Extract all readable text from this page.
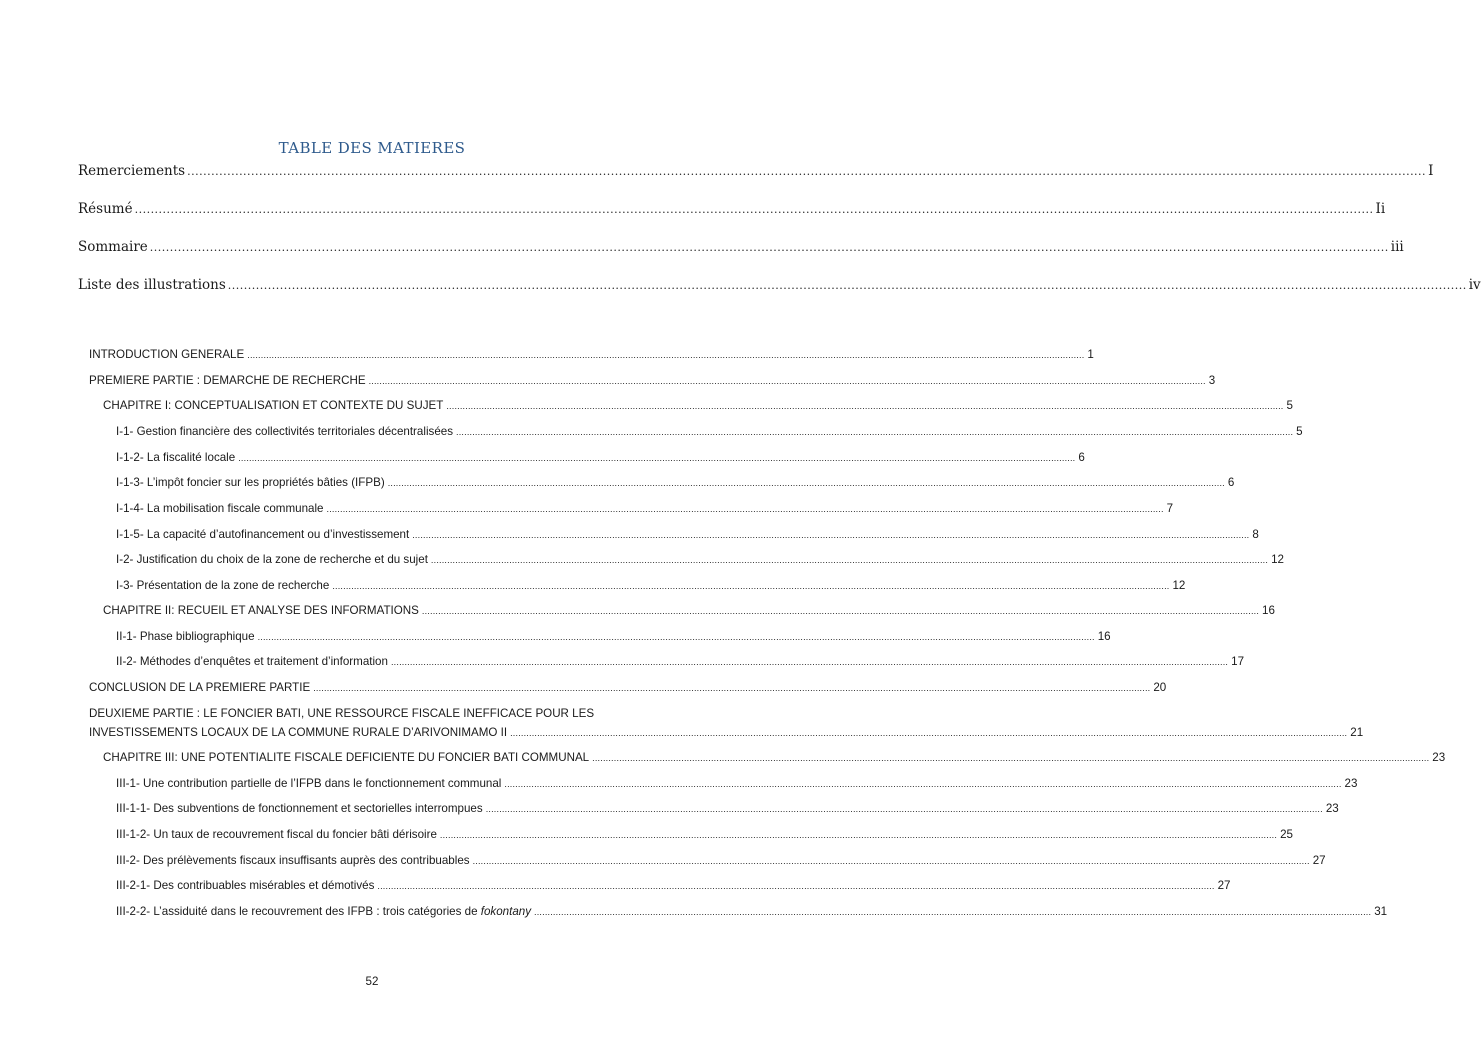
TABLE DES MATIERES
Remerciements ...................................................................................................................................................................................................................................................................................................................... I
Résumé ...................................................................................................................................................................................................................................................................................................................... Ii
Sommaire ...................................................................................................................................................................................................................................................................................................................... iii
Liste des illustrations ...................................................................................................................................................................................................................................................................................................................... iv
INTRODUCTION GENERALE ...................................................................................................................................................................................................................................................................................................................... 1
PREMIERE PARTIE : DEMARCHE DE RECHERCHE ...................................................................................................................................................................................................................................................................................................................... 3
CHAPITRE I: CONCEPTUALISATION ET CONTEXTE DU SUJET ...................................................................................................................................................................................................................................................................................................................... 5
I-1- Gestion financière des collectivités territoriales décentralisées ...................................................................................................................................................................................................................................................................................................................... 5
I-1-2- La fiscalité locale ...................................................................................................................................................................................................................................................................................................................... 6
I-1-3- L’impôt foncier sur les propriétés bâties (IFPB) ...................................................................................................................................................................................................................................................................................................................... 6
I-1-4- La mobilisation fiscale communale ...................................................................................................................................................................................................................................................................................................................... 7
I-1-5- La capacité d’autofinancement ou d’investissement ...................................................................................................................................................................................................................................................................................................................... 8
I-2- Justification du choix de la zone de recherche et du sujet ...................................................................................................................................................................................................................................................................................................................... 12
I-3- Présentation de la zone de recherche ...................................................................................................................................................................................................................................................................................................................... 12
CHAPITRE II: RECUEIL ET ANALYSE DES INFORMATIONS ...................................................................................................................................................................................................................................................................................................................... 16
II-1- Phase bibliographique ...................................................................................................................................................................................................................................................................................................................... 16
II-2- Méthodes d’enquêtes et traitement d’information ...................................................................................................................................................................................................................................................................................................................... 17
CONCLUSION DE LA PREMIERE PARTIE ...................................................................................................................................................................................................................................................................................................................... 20
DEUXIEME PARTIE : LE FONCIER BATI, UNE RESSOURCE FISCALE INEFFICACE POUR LES
INVESTISSEMENTS LOCAUX DE LA COMMUNE RURALE D’ARIVONIMAMO II ...................................................................................................................................................................................................................................................................................................................... 21
CHAPITRE III: UNE POTENTIALITE FISCALE DEFICIENTE DU FONCIER BATI COMMUNAL ...................................................................................................................................................................................................................................................................................................................... 23
III-1- Une contribution partielle de l’IFPB dans le fonctionnement communal ...................................................................................................................................................................................................................................................................................................................... 23
III-1-1- Des subventions de fonctionnement et sectorielles interrompues ...................................................................................................................................................................................................................................................................................................................... 23
III-1-2- Un taux de recouvrement fiscal du foncier bâti dérisoire ...................................................................................................................................................................................................................................................................................................................... 25
III-2- Des prélèvements fiscaux insuffisants auprès des contribuables ...................................................................................................................................................................................................................................................................................................................... 27
III-2-1- Des contribuables misérables et démotivés ...................................................................................................................................................................................................................................................................................................................... 27
III-2-2- L’assiduité dans le recouvrement des IFPB : trois catégories de fokontany ...................................................................................................................................................................................................................................................................................................................... 31
52
